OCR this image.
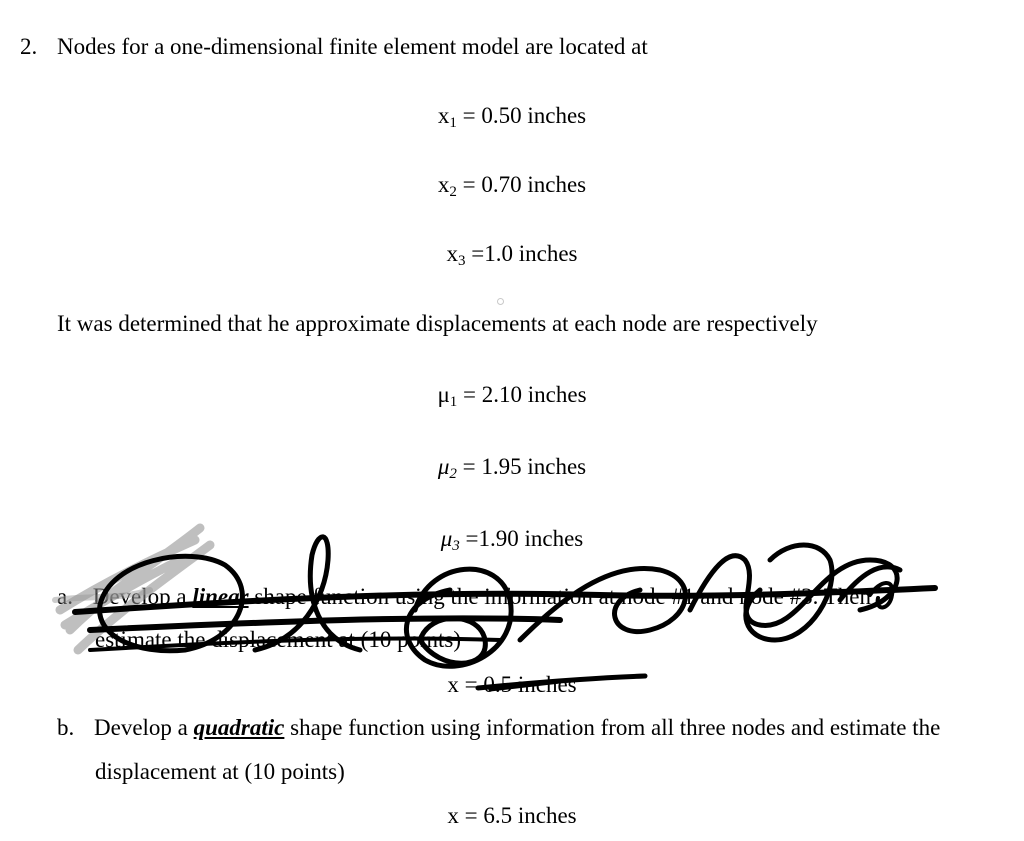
2. Nodes for a one-dimensional finite element model are located at
$x_1 = 0.50$ inches
$x_2 = 0.70$ inches
$x_3 =1.0$ inches
It was determined that he approximate displacements at each node are respectively
$\mu_1 = 2.10$ inches
$\mu_2 = 1.95$ inches
$\mu_3 =1.90$ inches
a. Develop a linear shape function using the information at node #1 and node #3. Then
estimate the displacement at (10 points)
x = 0.5 inches
b. Develop a quadratic shape function using information from all three nodes and estimate the
displacement at (10 points)
x = 6.5 inches
